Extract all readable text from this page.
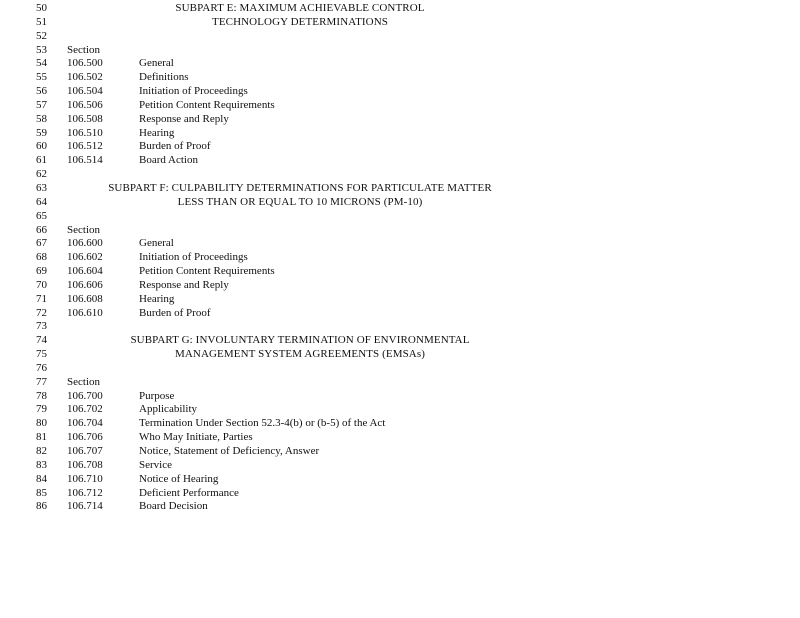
50	SUBPART E: MAXIMUM ACHIEVABLE CONTROL
51	TECHNOLOGY DETERMINATIONS
52
53	Section
54	106.500	General
55	106.502	Definitions
56	106.504	Initiation of Proceedings
57	106.506	Petition Content Requirements
58	106.508	Response and Reply
59	106.510	Hearing
60	106.512	Burden of Proof
61	106.514	Board Action
62
63	SUBPART F: CULPABILITY DETERMINATIONS FOR PARTICULATE MATTER
64	LESS THAN OR EQUAL TO 10 MICRONS (PM-10)
65
66	Section
67	106.600	General
68	106.602	Initiation of Proceedings
69	106.604	Petition Content Requirements
70	106.606	Response and Reply
71	106.608	Hearing
72	106.610	Burden of Proof
73
74	SUBPART G: INVOLUNTARY TERMINATION OF ENVIRONMENTAL
75	MANAGEMENT SYSTEM AGREEMENTS (EMSAs)
76
77	Section
78	106.700	Purpose
79	106.702	Applicability
80	106.704	Termination Under Section 52.3-4(b) or (b-5) of the Act
81	106.706	Who May Initiate, Parties
82	106.707	Notice, Statement of Deficiency, Answer
83	106.708	Service
84	106.710	Notice of Hearing
85	106.712	Deficient Performance
86	106.714	Board Decision
